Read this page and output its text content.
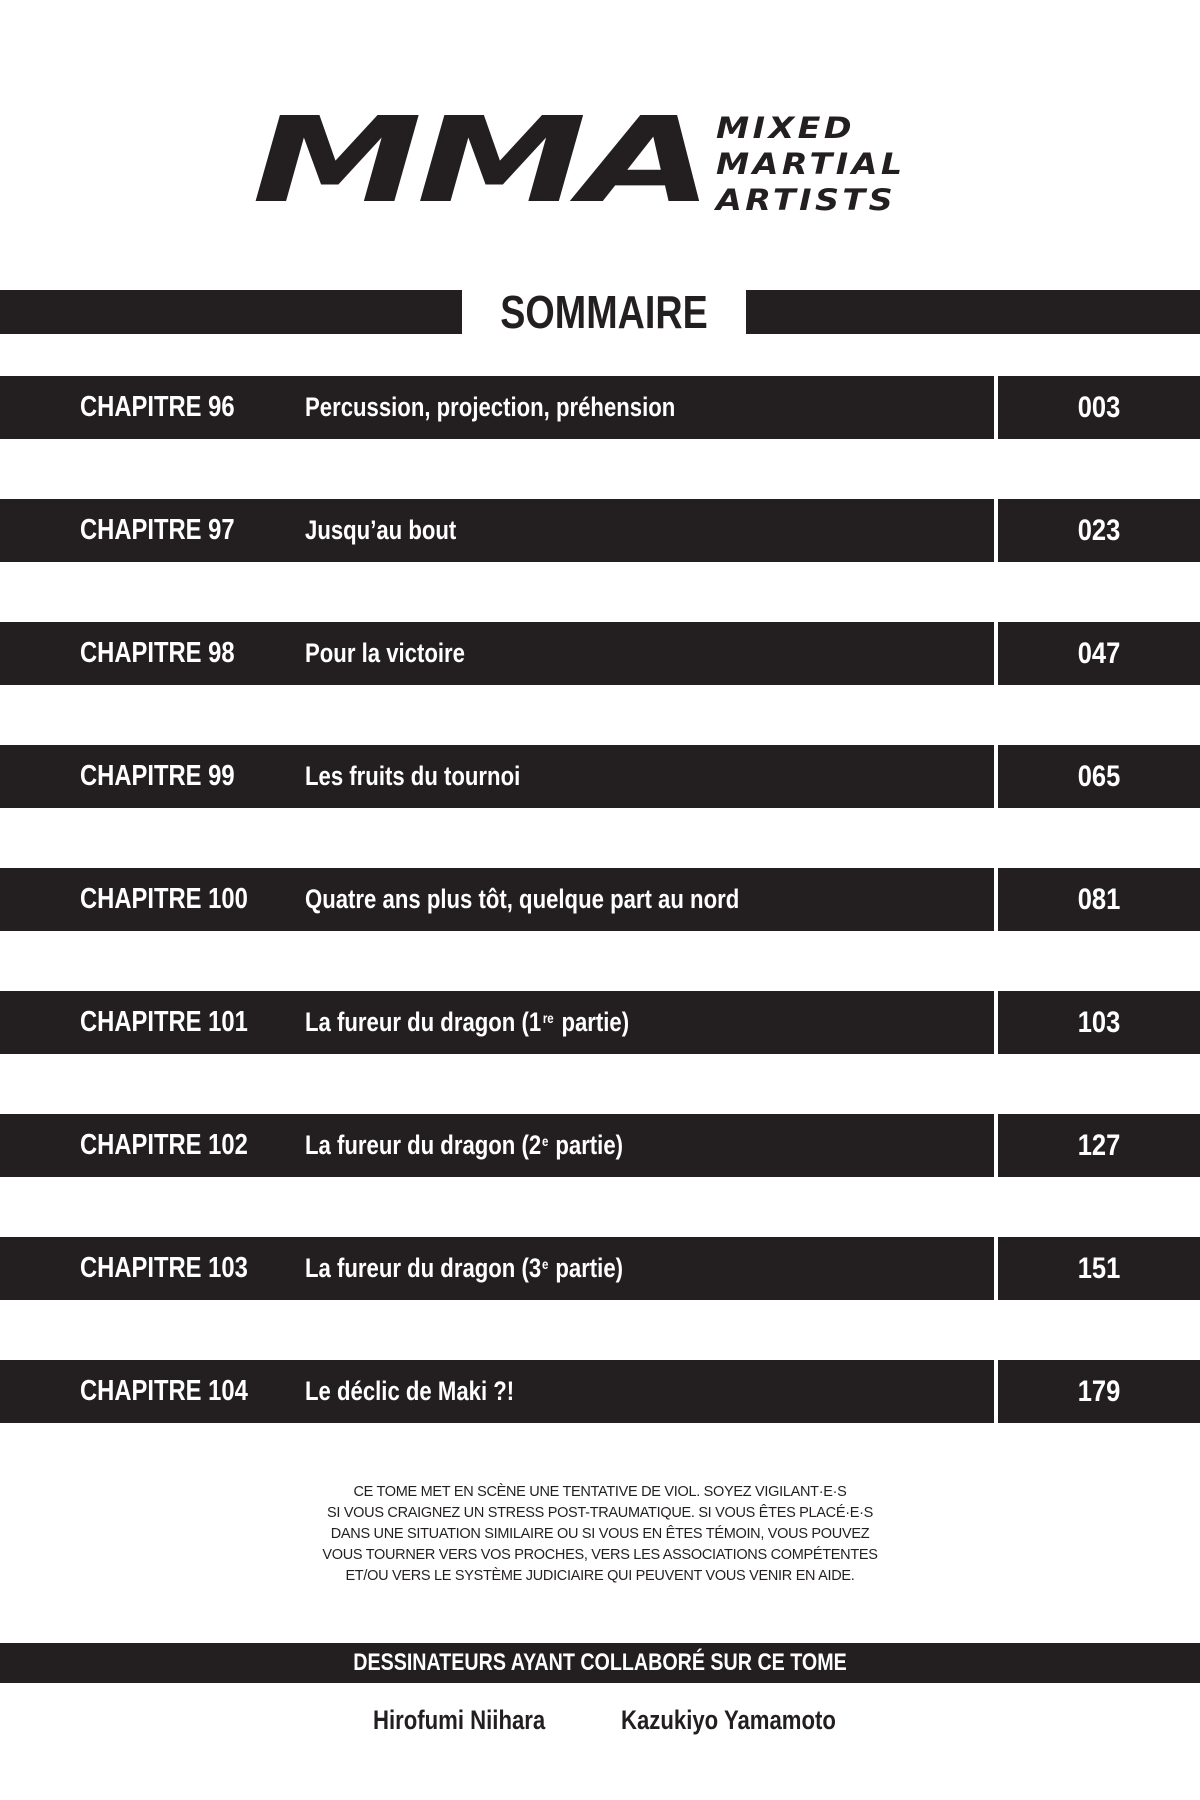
MMA MIXED
MARTIAL
ARTISTS
SOMMAIRE
CHAPITRE 96	Percussion, projection, préhension	003
CHAPITRE 97	Jusqu’au bout	023
CHAPITRE 98	Pour la victoire	047
CHAPITRE 99	Les fruits du tournoi	065
CHAPITRE 100 Quatre ans plus tôt, quelque part au nord	081
CHAPITRE 101 La fureur du dragon (1 $^{re}$ partie)	103
CHAPITRE 102 La fureur du dragon (2e partie)	127
CHAPITRE 103 La fureur du dragon (3e partie)	151
CHAPITRE 104 Le déclic de Maki ?!	179
CE TOME MET EN SCÈNE UNE TENTATIVE DE VIOL. SOYEZ VIGILANT·E·S
SI VOUS CRAIGNEZ UN STRESS POST-TRAUMATIQUE. SI VOUS ÊTES PLACÉ·E·S
DANS UNE SITUATION SIMILAIRE OU SI VOUS EN ÊTES TÉMOIN, VOUS POUVEZ
VOUS TOURNER VERS VOS PROCHES, VERS LES ASSOCIATIONS COMPÉTENTES
ET/OU VERS LE SYSTÈME JUDICIAIRE QUI PEUVENT VOUS VENIR EN AIDE.
DESSINATEURS AYANT COLLABORÉ SUR CE TOME
Hirofumi Niihara	Kazukiyo Yamamoto
